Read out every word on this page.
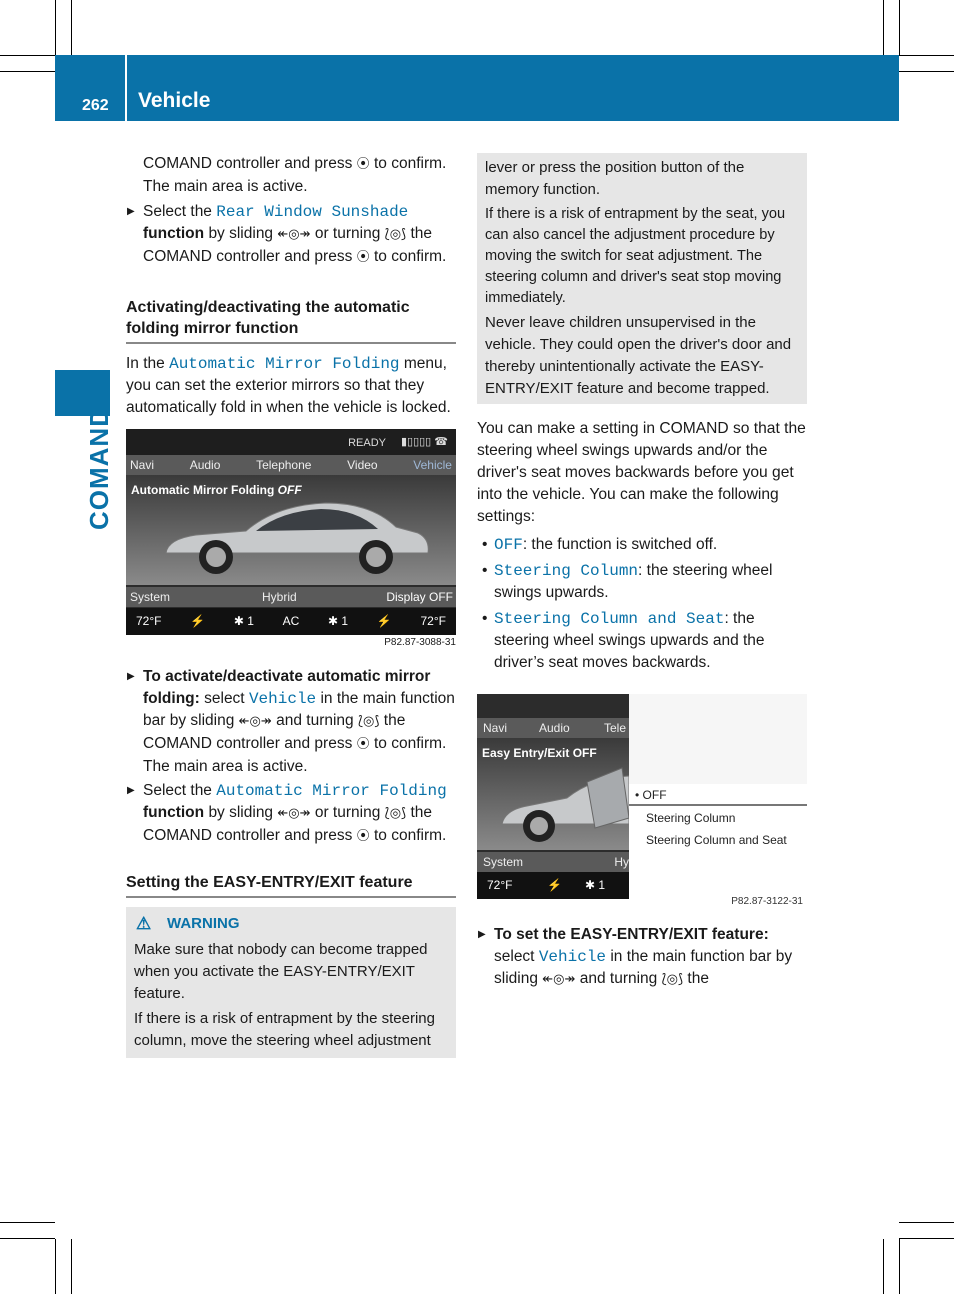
262 Vehicle
COMAND

COMAND controller and press ⦿ to confirm.
The main area is active.

▶ Select the Rear Window Sunshade function by sliding ↞◎↠ or turning ⟅◎⟆ the COMAND controller and press ⦿ to confirm.

Activating/deactivating the automatic folding mirror function

In the Automatic Mirror Folding menu, you can set the exterior mirrors so that they automatically fold in when the vehicle is locked.

READY ▮▯▯▯▯ ☎
Navi	Audio	Telephone	Video	Vehicle
Automatic Mirror Folding OFF
System	Hybrid	Display OFF
72°F ⚡ ✱ 1 AC ✱ 1 ⚡ 72°F

P82.87-3088-31

▶ To activate/deactivate automatic mirror folding: select Vehicle in the main function bar by sliding ↞◎↠ and turning ⟅◎⟆ the COMAND controller and press ⦿ to confirm.
The main area is active.

▶ Select the Automatic Mirror Folding function by sliding ↞◎↠ or turning ⟅◎⟆ the COMAND controller and press ⦿ to confirm.

Setting the EASY-ENTRY/EXIT feature
⚠ WARNING

Make sure that nobody can become trapped when you activate the EASY-ENTRY/EXIT feature.

If there is a risk of entrapment by the steering column, move the steering wheel adjustment

lever or press the position button of the memory function.

If there is a risk of entrapment by the seat, you can also cancel the adjustment procedure by moving the switch for seat adjustment. The steering column and driver's seat stop moving immediately.

Never leave children unsupervised in the vehicle. They could open the driver's door and thereby unintentionally activate the EASY-ENTRY/EXIT feature and become trapped.

You can make a setting in COMAND so that the steering wheel swings upwards and/or the driver's seat moves backwards before you get into the vehicle. You can make the following settings:

• OFF: the function is switched off.

• Steering Column: the steering wheel swings upwards.

• Steering Column and Seat: the steering wheel swings upwards and the driver’s seat moves backwards.

Navi	Audio	Tele
Easy Entry/Exit OFF
System	Hy
72°F	⚡ ✱ 1
• OFF
Steering Column
Steering Column and Seat
P82.87-3122-31

▶ To set the EASY-ENTRY/EXIT feature: select Vehicle in the main function bar by sliding ↞◎↠ and turning ⟅◎⟆ the
